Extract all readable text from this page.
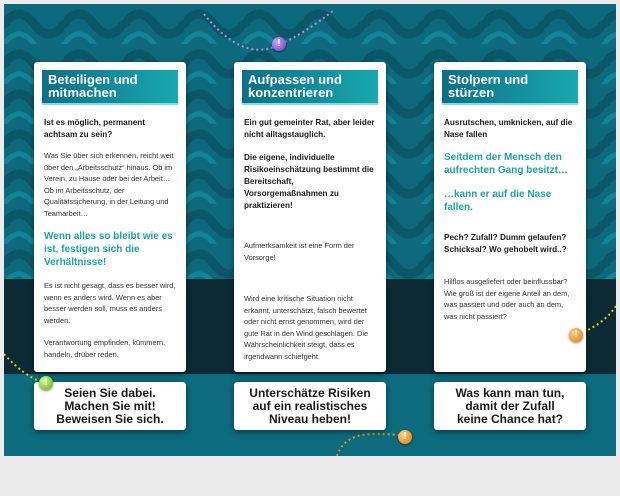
Beteiligen und mitmachen

Ist es möglich, permanent achtsam zu sein?

Was Sie über sich erkennen, reicht weit über den „Arbeitsschutz“ hinaus. Ob im Verein, zu Hause oder bei der Arbeit… Ob im Arbeitsschutz, der Qualitätssicherung, in der Leitung und Teamarbeit…

Wenn alles so bleibt wie es ist, festigen sich die Verhältnisse!

Es ist nicht gesagt, dass es besser wird, wenn es anders wird. Wenn es aber besser werden soll, muss es anders werden.

Verantwortung empfinden, kümmern, handeln, drüber reden.

Aufpassen und konzentrieren

Ein gut gemeinter Rat, aber leider nicht alltagstauglich.

Die eigene, individuelle Risikoeinschätzung bestimmt die Bereitschaft, Vorsorgemaßnahmen zu praktizieren!

Aufmerksamkeit ist eine Form der Vorsorge!

Wird eine kritische Situation nicht erkannt, unterschätzt, falsch bewertet oder nicht ernst genommen, wird der gute Rat in den Wind geschlagen. Die Wahrscheinlichkeit steigt, dass es irgendwann schiefgeht.

Stolpern und stürzen

Ausrutschen, umknicken, auf die Nase fallen

Seitdem der Mensch den aufrechten Gang besitzt…

…kann er auf die Nase fallen.

Pech? Zufall? Dumm gelaufen? Schicksal? Wo gehobelt wird..?

Hilflos ausgeliefert oder beinflussbar? Wie groß ist der eigene Anteil an dem, was passiert und oder auch an dem, was nicht passiert?

Seien Sie dabei.
Machen Sie mit!
Beweisen Sie sich.
Unterschätze Risiken
auf ein realistisches
Niveau heben!
Was kann man tun,
damit der Zufall
keine Chance hat?
!
!
!
!
